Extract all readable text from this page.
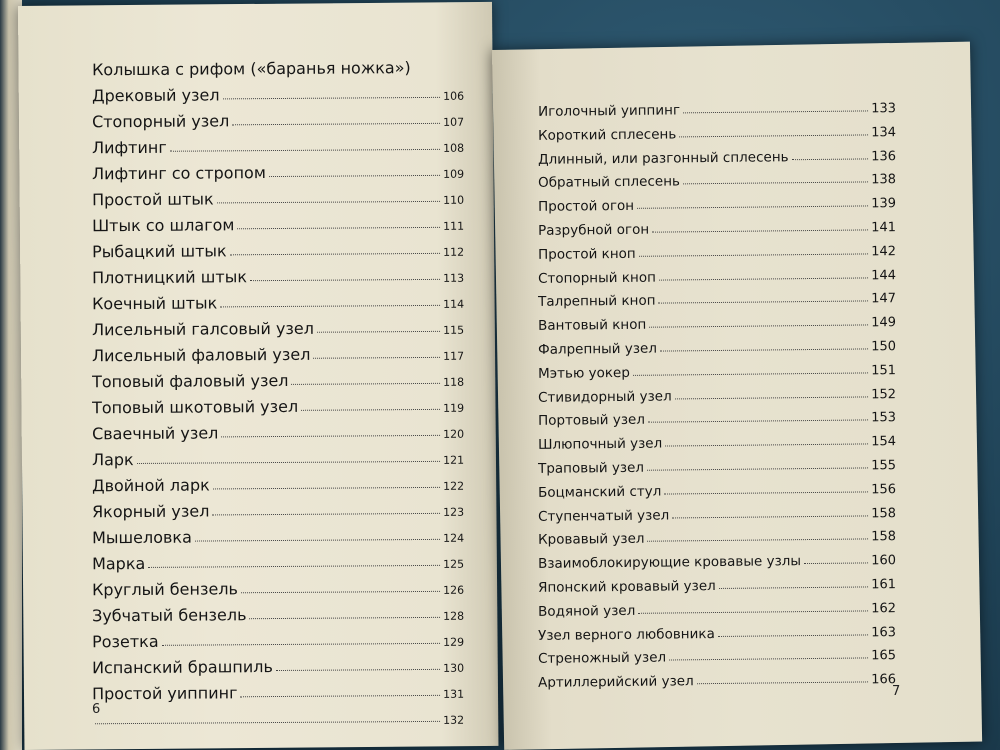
Колышка с рифом («баранья ножка»)
Дрековый узел	106
Стопорный узел	107
Лифтинг	108
Лифтинг со стропом	109
Простой штык	110
Штык со шлагом	111
Рыбацкий штык	112
Плотницкий штык	113
Коечный штык	114
Лисельный галсовый узел	115
Лисельный фаловый узел	117
Топовый фаловый узел	118
Топовый шкотовый узел	119
Сваечный узел	120
Ларк	121
Двойной ларк	122
Якорный узел	123
Мышеловка	124
Марка	125
Круглый бензель	126
Зубчатый бензель	128
Розетка	129
Испанский брашпиль	130
Простой уиппинг	131
132
6
Иголочный уиппинг	133
Короткий сплесень	134
Длинный, или разгонный сплесень	136
Обратный сплесень	138
Простой огон	139
Разрубной огон	141
Простой кноп	142
Стопорный кноп	144
Талрепный кноп	147
Вантовый кноп	149
Фалрепный узел	150
Мэтью уокер	151
Стивидорный узел	152
Портовый узел	153
Шлюпочный узел	154
Траповый узел	155
Боцманский стул	156
Ступенчатый узел	158
Кровавый узел	158
Взаимоблокирующие кровавые узлы	160
Японский кровавый узел	161
Водяной узел	162
Узел верного любовника	163
Стреножный узел	165
Артиллерийский узел	166
7
